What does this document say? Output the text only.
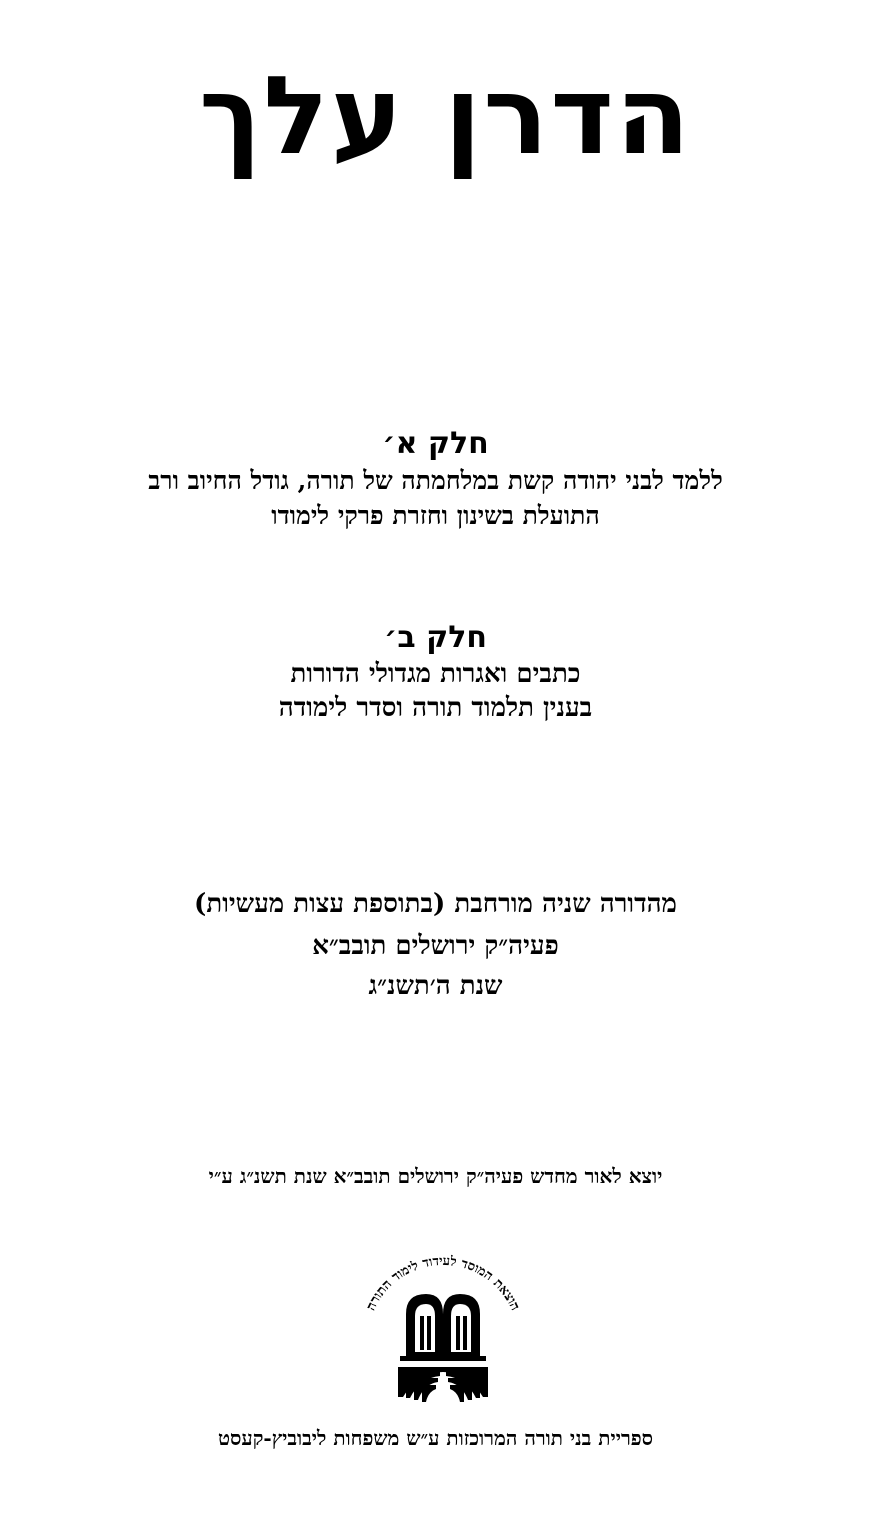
הדרן עלך
חלק א׳
ללמד לבני יהודה קשת במלחמתה של תורה, גודל החיוב ורב
התועלת בשינון וחזרת פרקי לימודו
חלק ב׳
כתבים ואגרות מגדולי הדורות
בענין תלמוד תורה וסדר לימודה
מהדורה שניה מורחבת (בתוספת עצות מעשיות)
פעיה״ק ירושלים תובב״א
שנת ה׳תשנ״ג
יוצא לאור מחדש פעיה״ק ירושלים תובב״א שנת תשנ״ג ע״י
הוצאת המוסד לעידוד לימוד התורה
ספריית בני תורה המרוכזות ע״ש משפחות ליבוביץ-קעסט
